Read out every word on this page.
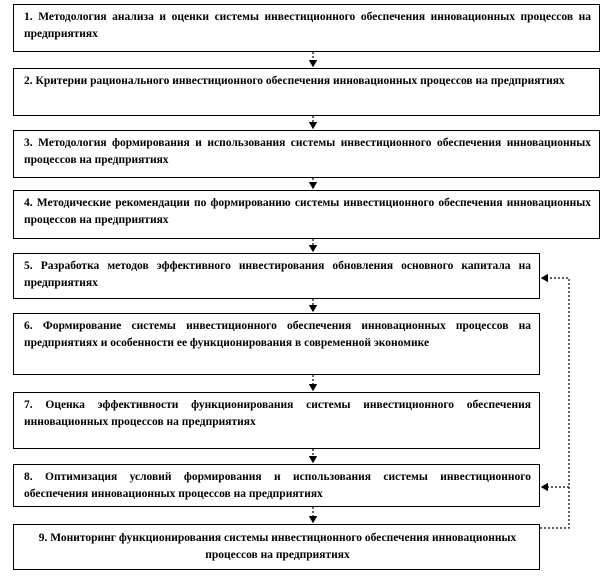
1. Методология анализа и оценки системы инвестиционного обеспечения инновационных процессов на предприятиях
2. Критерии рационального инвестиционного обеспечения инновационных процессов на предприятиях
3. Методология формирования и использования системы инвестиционного обеспечения инновационных процессов на предприятиях
4. Методические рекомендации по формированию системы инвестиционного обеспечения инновационных процессов на предприятиях
5. Разработка методов эффективного инвестирования обновления основного капитала на предприятиях
6. Формирование системы инвестиционного обеспечения инновационных процессов на предприятиях и особенности ее функционирования в современной экономике
7. Оценка эффективности функционирования системы инвестиционного обеспечения инновационных процессов на предприятиях
8. Оптимизация условий формирования и использования системы инвестиционного обеспечения инновационных процессов на предприятиях
9. Мониторинг функционирования системы инвестиционного обеспечения инновационных процессов на предприятиях
